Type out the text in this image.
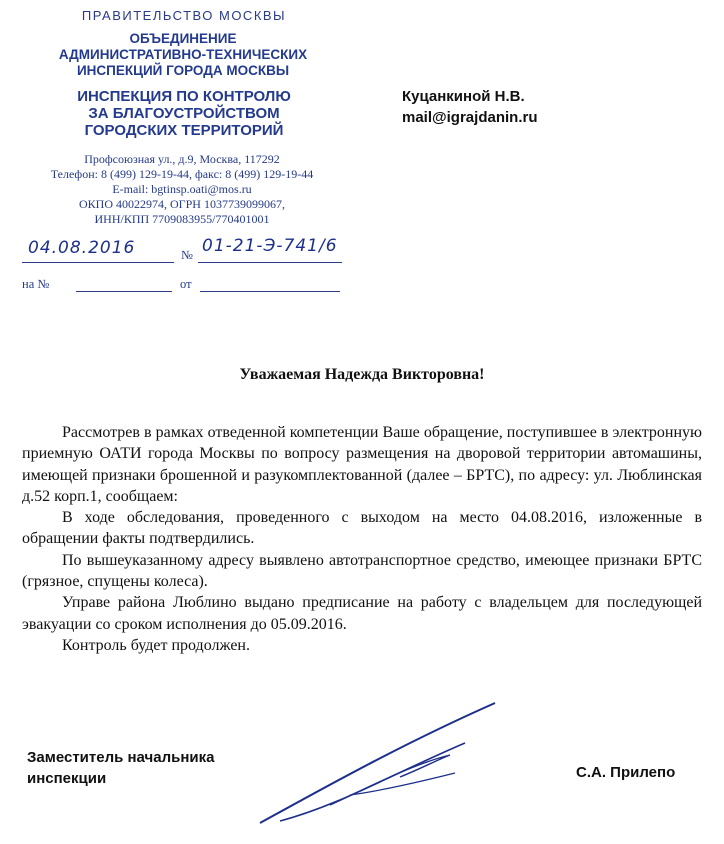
ПРАВИТЕЛЬСТВО МОСКВЫ
ОБЪЕДИНЕНИЕ
АДМИНИСТРАТИВНО-ТЕХНИЧЕСКИХ
ИНСПЕКЦИЙ ГОРОДА МОСКВЫ
ИНСПЕКЦИЯ ПО КОНТРОЛЮ
ЗА БЛАГОУСТРОЙСТВОМ
ГОРОДСКИХ ТЕРРИТОРИЙ
Профсоюзная ул., д.9, Москва, 117292
Телефон: 8 (499) 129-19-44, факс: 8 (499) 129-19-44
E-mail: bgtinsp.oati@mos.ru
ОКПО 40022974, ОГРН 1037739099067,
ИНН/КПП 7709083955/770401001
04.08.2016	№ 01-21-Э-741/6
на №	от
Куцанкиной Н.В.
mail@igrajdanin.ru
Уважаемая Надежда Викторовна!

Рассмотрев в рамках отведенной компетенции Ваше обращение, поступившее в электронную приемную ОАТИ города Москвы по вопросу размещения на дворовой территории автомашины, имеющей признаки брошенной и разукомплектованной (далее – БРТС), по адресу: ул. Люблинская д.52 корп.1, сообщаем:

В ходе обследования, проведенного с выходом на место 04.08.2016, изложенные в обращении факты подтвердились.

По вышеуказанному адресу выявлено автотранспортное средство, имеющее признаки БРТС (грязное, спущены колеса).

Управе района Люблино выдано предписание на работу с владельцем для последующей эвакуации со сроком исполнения до 05.09.2016.

Контроль будет продолжен.

Заместитель начальника
инспекции	С.А. Прилепо
